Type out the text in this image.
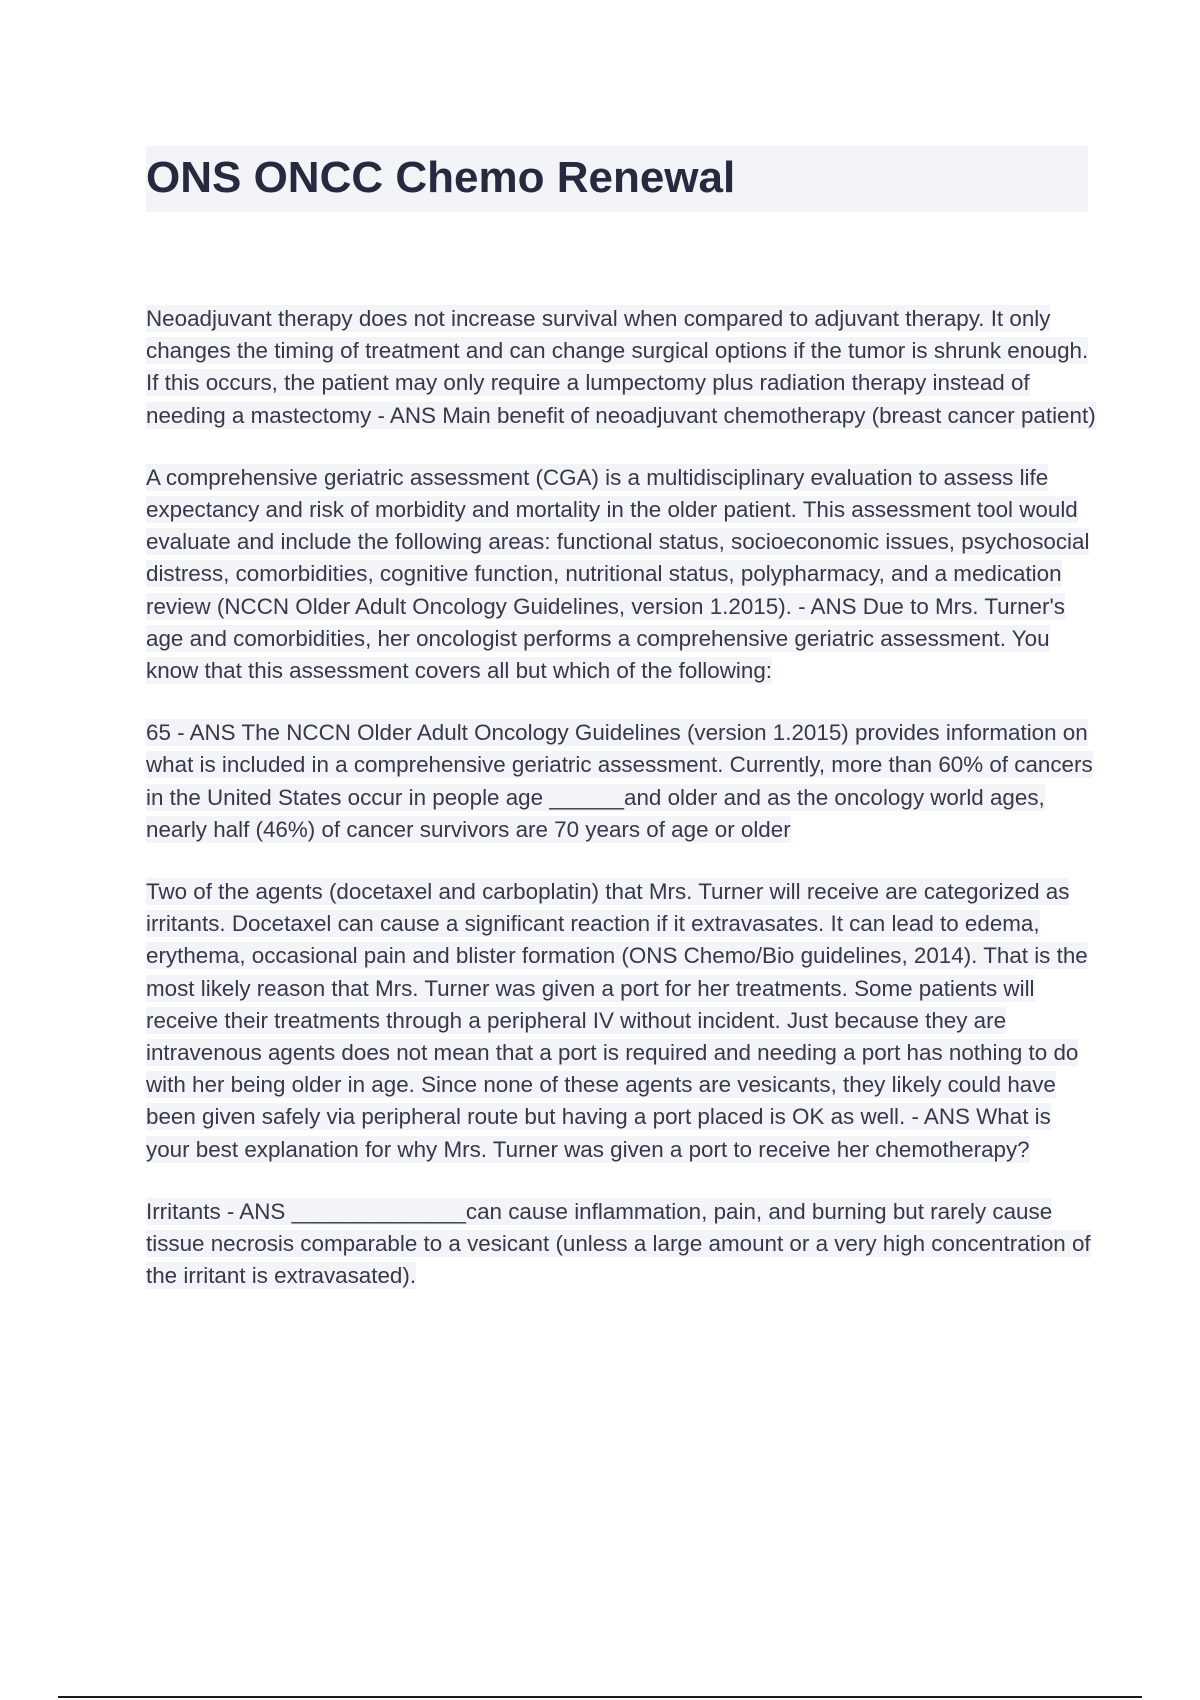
ONS ONCC Chemo Renewal

Neoadjuvant therapy does not increase survival when compared to adjuvant therapy. It only changes the timing of treatment and can change surgical options if the tumor is shrunk enough. If this occurs, the patient may only require a lumpectomy plus radiation therapy instead of needing a mastectomy - ANS Main benefit of neoadjuvant chemotherapy (breast cancer patient)

A comprehensive geriatric assessment (CGA) is a multidisciplinary evaluation to assess life expectancy and risk of morbidity and mortality in the older patient. This assessment tool would evaluate and include the following areas: functional status, socioeconomic issues, psychosocial distress, comorbidities, cognitive function, nutritional status, polypharmacy, and a medication review (NCCN Older Adult Oncology Guidelines, version 1.2015). - ANS Due to Mrs. Turner's age and comorbidities, her oncologist performs a comprehensive geriatric assessment. You know that this assessment covers all but which of the following:

65 - ANS The NCCN Older Adult Oncology Guidelines (version 1.2015) provides information on what is included in a comprehensive geriatric assessment. Currently, more than 60% of cancers in the United States occur in people age ______and older and as the oncology world ages, nearly half (46%) of cancer survivors are 70 years of age or older

Two of the agents (docetaxel and carboplatin) that Mrs. Turner will receive are categorized as irritants. Docetaxel can cause a significant reaction if it extravasates. It can lead to edema, erythema, occasional pain and blister formation (ONS Chemo/Bio guidelines, 2014). That is the most likely reason that Mrs. Turner was given a port for her treatments. Some patients will receive their treatments through a peripheral IV without incident. Just because they are intravenous agents does not mean that a port is required and needing a port has nothing to do with her being older in age. Since none of these agents are vesicants, they likely could have been given safely via peripheral route but having a port placed is OK as well. - ANS What is your best explanation for why Mrs. Turner was given a port to receive her chemotherapy?

Irritants - ANS ______________can cause inflammation, pain, and burning but rarely cause tissue necrosis comparable to a vesicant (unless a large amount or a very high concentration of the irritant is extravasated).
